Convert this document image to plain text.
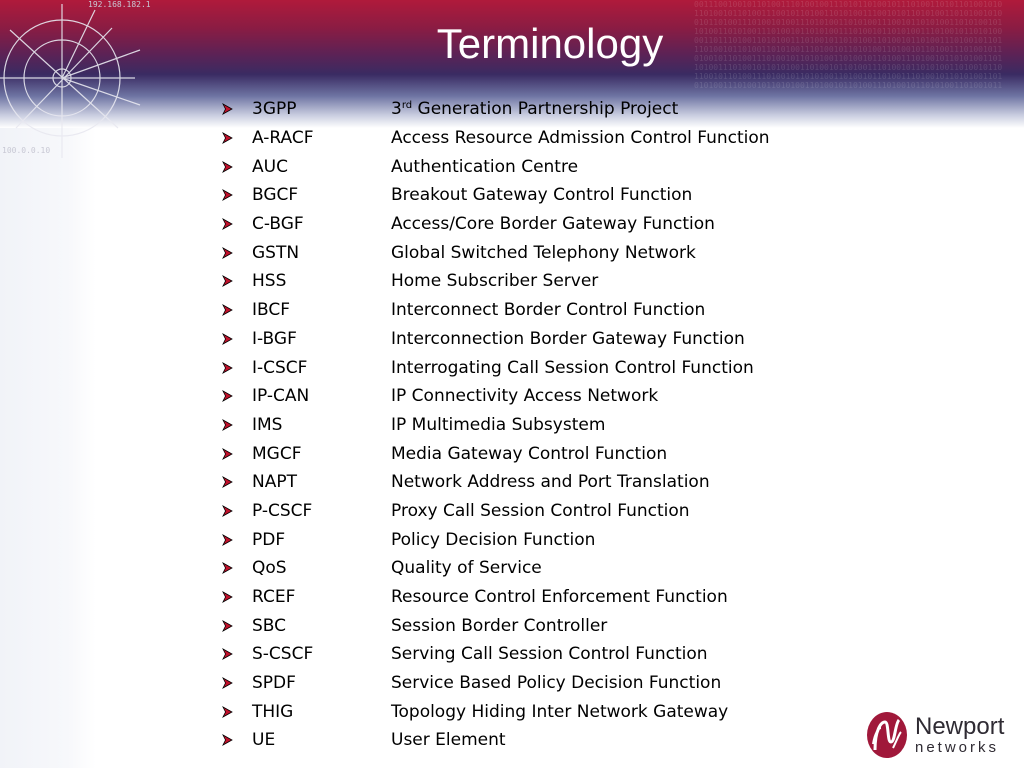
0011100100101101001110100100111010110100101110100110101101001010
1101001011010011100101101001101010011100101011010100110101001010
0101101001110100101001110101001101010011100101101010011010100101
1010011010100111010010110101001110100101101010011101001011010100
0011011101001101010011101001011010100110100101101001110100101101
1101001011010011010100111010010110101001101001011010011101001011
0100101101001110100101101010011010010110100111010010110101001101
1010011101001011010100110100101101001110100101101010011010010110
1100101101001110100101101010011010010110100111010010110101001101
0101001110100101101010011010010110100111010010110101001101001011
192.168.182.1
100.0.0.10
Terminology
3GPP	3rd Generation Partnership Project
A-RACF	Access Resource Admission Control Function
AUC	Authentication Centre
BGCF	Breakout Gateway Control Function
C-BGF	Access/Core Border Gateway Function
GSTN	Global Switched Telephony Network
HSS	Home Subscriber Server
IBCF	Interconnect Border Control Function
I-BGF	Interconnection Border Gateway Function
I-CSCF	Interrogating Call Session Control Function
IP-CAN	IP Connectivity Access Network
IMS	IP Multimedia Subsystem
MGCF	Media Gateway Control Function
NAPT	Network Address and Port Translation
P-CSCF	Proxy Call Session Control Function
PDF	Policy Decision Function
QoS	Quality of Service
RCEF	Resource Control Enforcement Function
SBC	Session Border Controller
S-CSCF	Serving Call Session Control Function
SPDF	Service Based Policy Decision Function
THIG	Topology Hiding Inter Network Gateway
UE	User Element
Newport
networks
